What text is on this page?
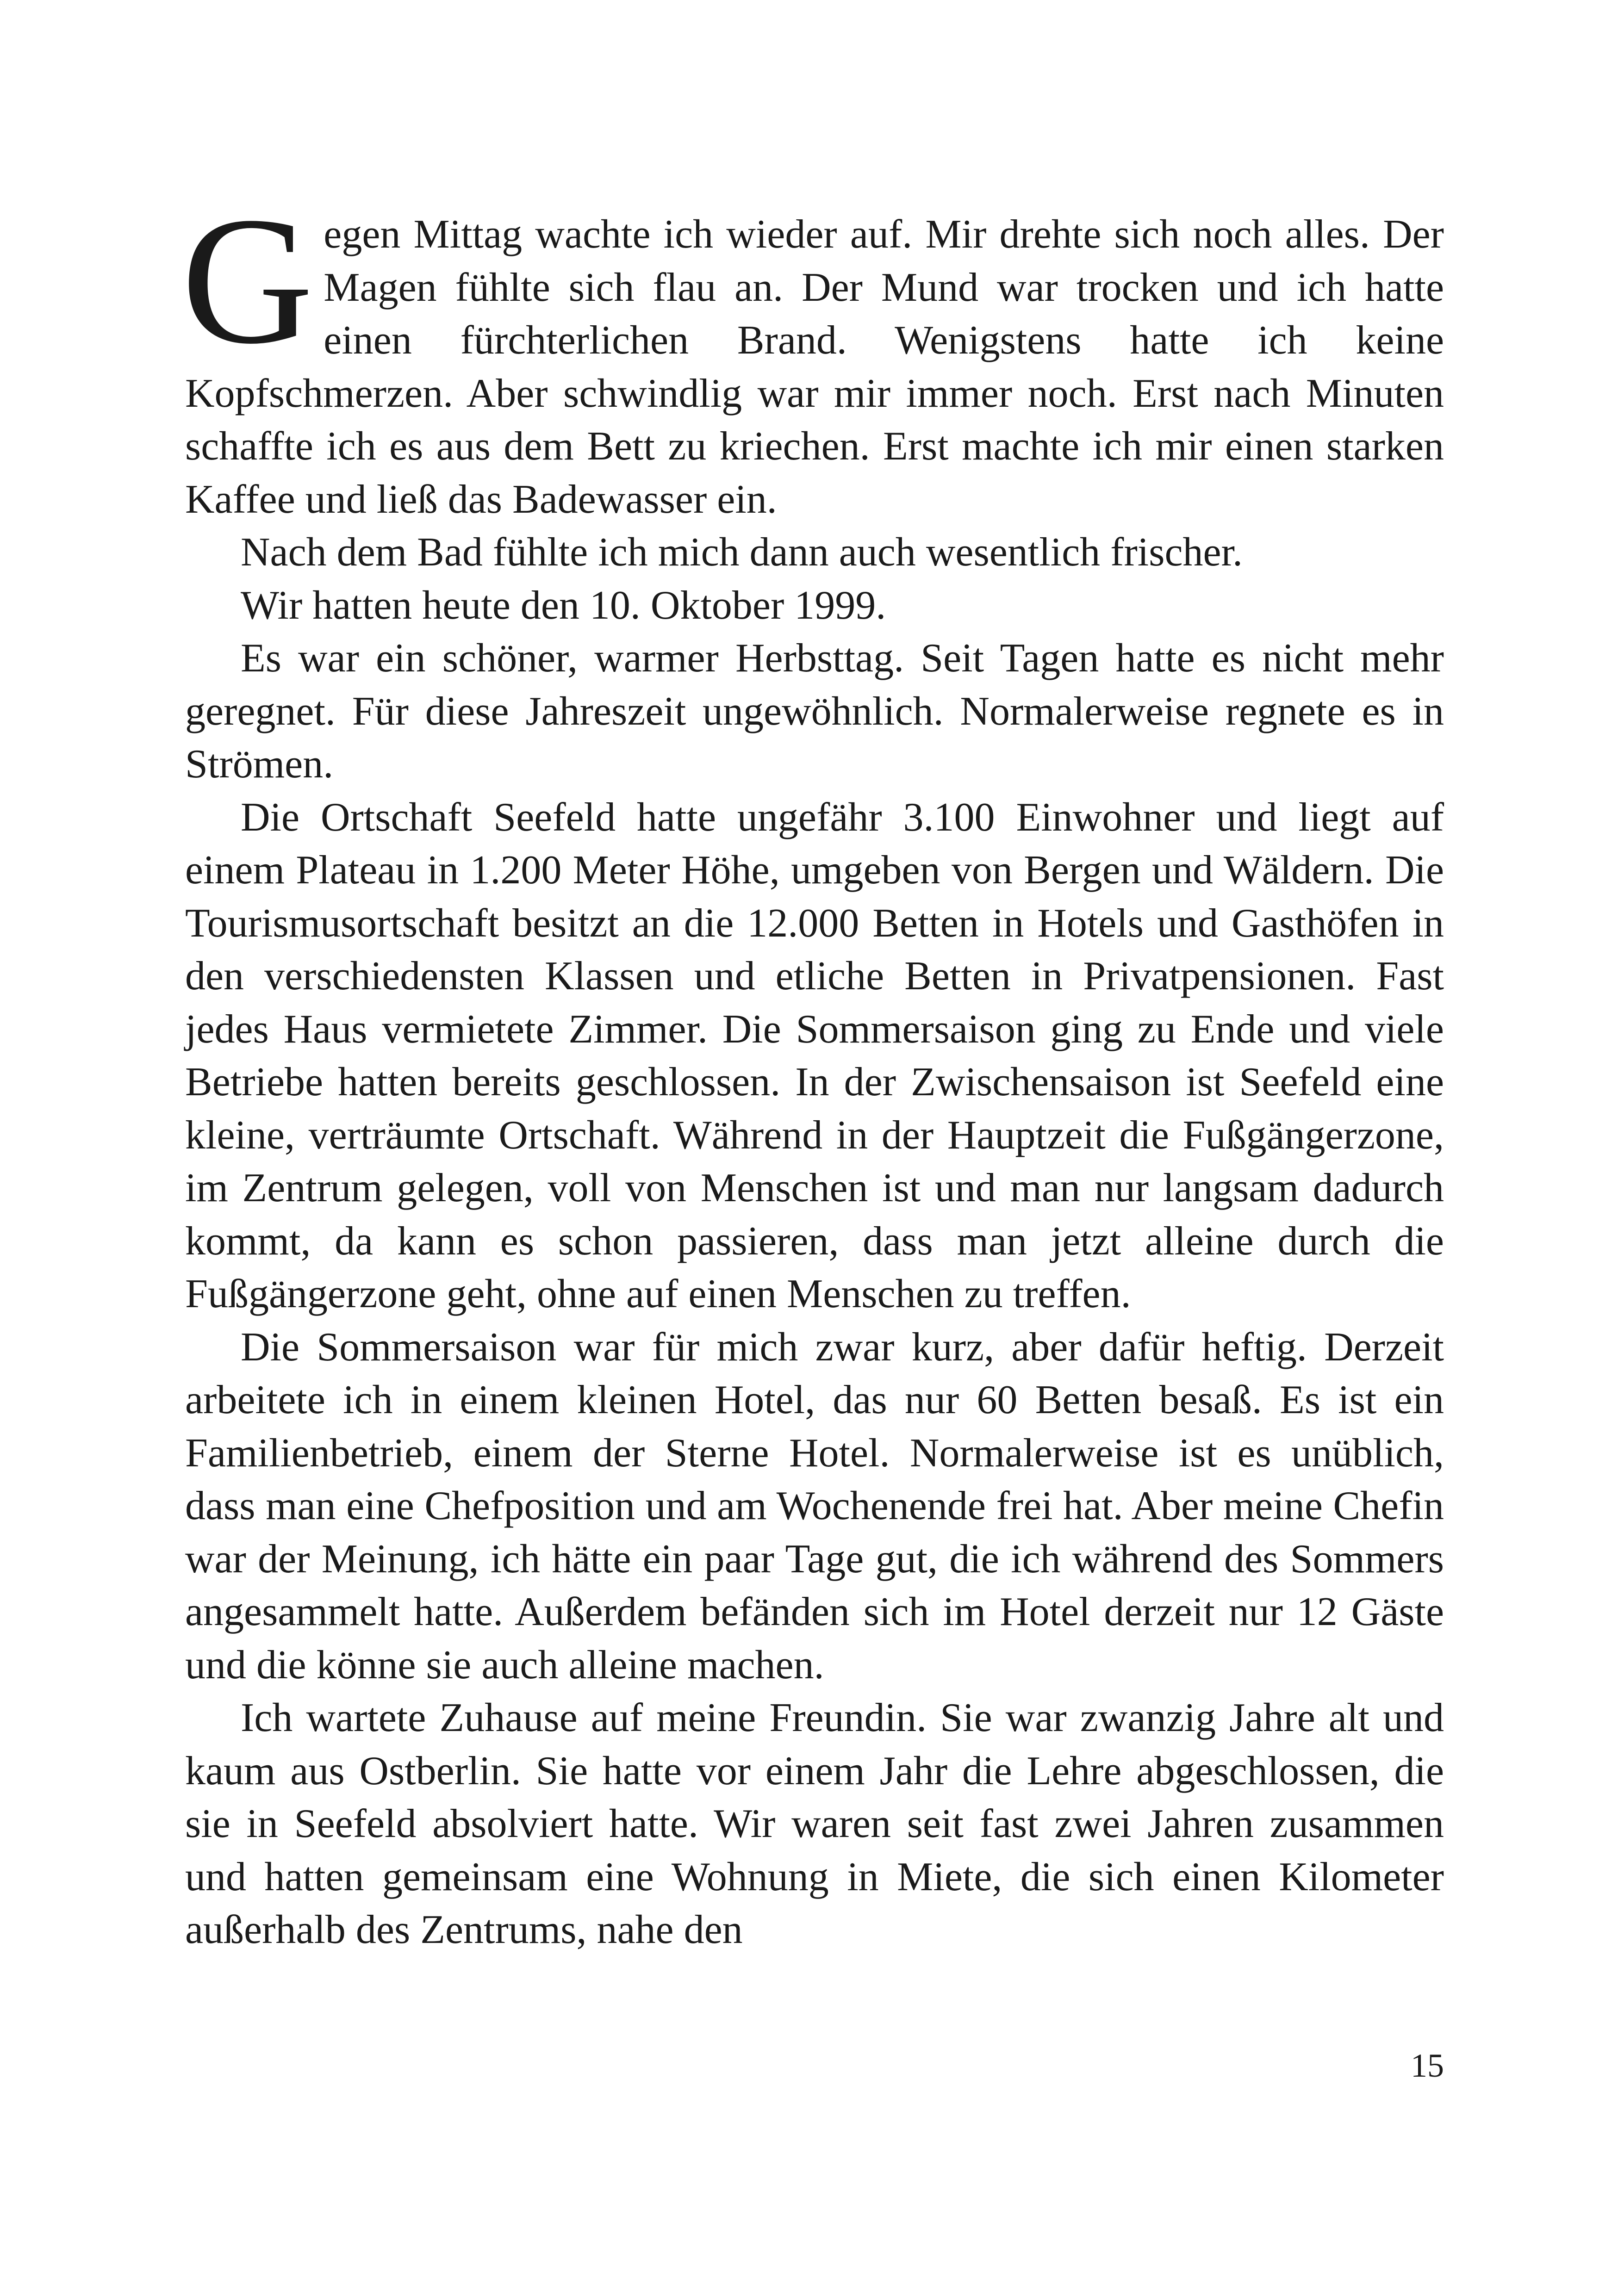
Gegen Mittag wachte ich wieder auf. Mir drehte sich noch alles. Der Magen fühlte sich flau an. Der Mund war trocken und ich hatte einen fürchterlichen Brand. Wenigstens hatte ich keine Kopfschmerzen. Aber schwindlig war mir immer noch. Erst nach Minuten schaffte ich es aus dem Bett zu kriechen. Erst machte ich mir einen starken Kaffee und ließ das Badewasser ein.

Nach dem Bad fühlte ich mich dann auch wesentlich frischer.

Wir hatten heute den 10. Oktober 1999.

Es war ein schöner, warmer Herbsttag. Seit Tagen hatte es nicht mehr geregnet. Für diese Jahreszeit ungewöhnlich. Normalerweise regnete es in Strömen.

Die Ortschaft Seefeld hatte ungefähr 3.100 Einwohner und liegt auf einem Plateau in 1.200 Meter Höhe, umgeben von Bergen und Wäldern. Die Tourismusortschaft besitzt an die 12.000 Betten in Hotels und Gasthöfen in den verschiedensten Klassen und etliche Betten in Privatpensionen. Fast jedes Haus vermietete Zimmer. Die Sommersaison ging zu Ende und viele Betriebe hatten bereits geschlossen. In der Zwischensaison ist Seefeld eine kleine, verträumte Ortschaft. Während in der Hauptzeit die Fußgängerzone, im Zentrum gelegen, voll von Menschen ist und man nur langsam dadurch kommt, da kann es schon passieren, dass man jetzt alleine durch die Fußgängerzone geht, ohne auf einen Menschen zu treffen.

Die Sommersaison war für mich zwar kurz, aber dafür heftig. Derzeit arbeitete ich in einem kleinen Hotel, das nur 60 Betten besaß. Es ist ein Familienbetrieb, einem der Sterne Hotel. Normalerweise ist es unüblich, dass man eine Chefposition und am Wochenende frei hat. Aber meine Chefin war der Meinung, ich hätte ein paar Tage gut, die ich während des Sommers angesammelt hatte. Außerdem befänden sich im Hotel derzeit nur 12 Gäste und die könne sie auch alleine machen.

Ich wartete Zuhause auf meine Freundin. Sie war zwanzig Jahre alt und kaum aus Ostberlin. Sie hatte vor einem Jahr die Lehre abgeschlossen, die sie in Seefeld absolviert hatte. Wir waren seit fast zwei Jahren zusammen und hatten gemeinsam eine Wohnung in Miete, die sich einen Kilometer außerhalb des Zentrums, nahe den

15
